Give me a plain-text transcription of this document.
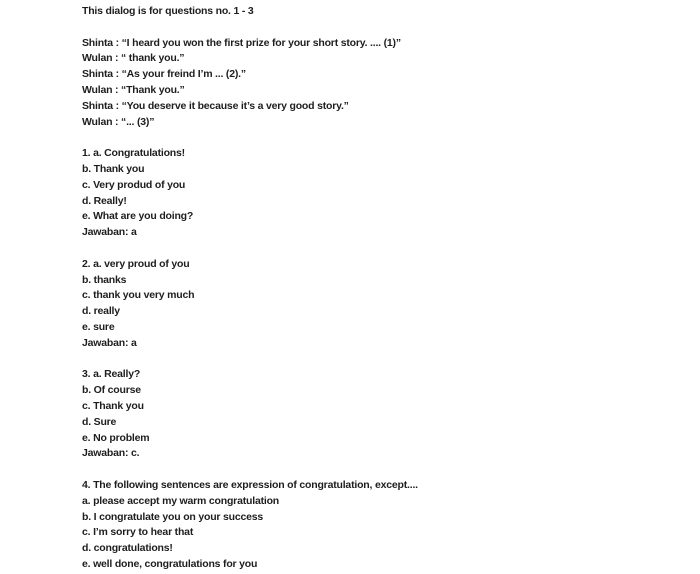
This dialog is for questions no. 1 - 3

Shinta : “I heard you won the first prize for your short story. .... (1)”

Wulan : “ thank you.”

Shinta : “As your freind I’m ... (2).”

Wulan : “Thank you.”

Shinta : “You deserve it because it’s a very good story.”

Wulan : “... (3)”

1. a. Congratulations!

b. Thank you

c. Very produd of you

d. Really!

e. What are you doing?

Jawaban: a

2. a. very proud of you

b. thanks

c. thank you very much

d. really

e. sure

Jawaban: a

3. a. Really?

b. Of course

c. Thank you

d. Sure

e. No problem

Jawaban: c.

4. The following sentences are expression of congratulation, except....

a. please accept my warm congratulation

b. I congratulate you on your success

c. I’m sorry to hear that

d. congratulations!

e. well done, congratulations for you
